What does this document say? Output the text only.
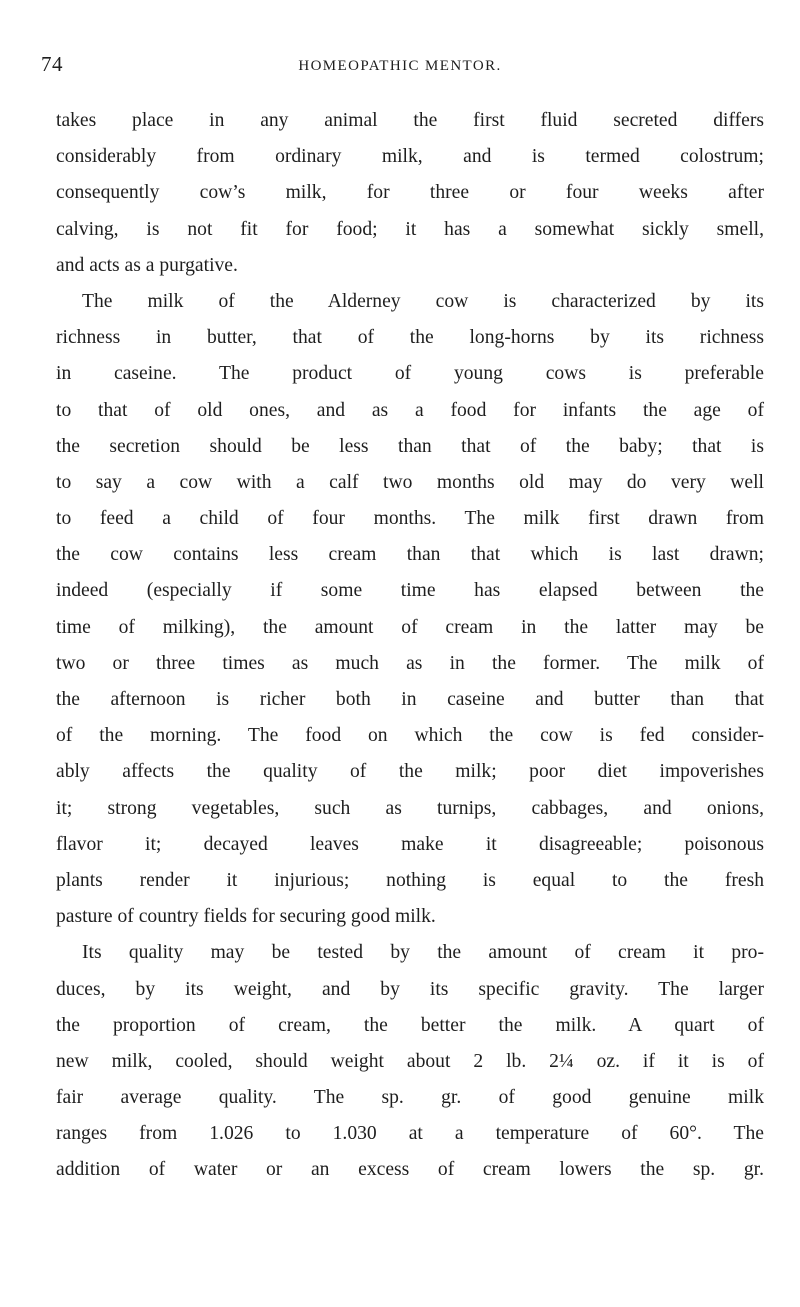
74	HOMEOPATHIC MENTOR.
takes place in any animal the first fluid secreted differs
considerably from ordinary milk, and is termed colostrum;
consequently cow’s milk, for three or four weeks after
calving, is not fit for food; it has a somewhat sickly smell,
and acts as a purgative.
The milk of the Alderney cow is characterized by its
richness in butter, that of the long-horns by its richness
in caseine. The product of young cows is preferable
to that of old ones, and as a food for infants the age of
the secretion should be less than that of the baby; that is
to say a cow with a calf two months old may do very well
to feed a child of four months. The milk first drawn from
the cow contains less cream than that which is last drawn;
indeed (especially if some time has elapsed between the
time of milking), the amount of cream in the latter may be
two or three times as much as in the former. The milk of
the afternoon is richer both in caseine and butter than that
of the morning. The food on which the cow is fed consider-
ably affects the quality of the milk; poor diet impoverishes
it; strong vegetables, such as turnips, cabbages, and onions,
flavor it; decayed leaves make it disagreeable; poisonous
plants render it injurious; nothing is equal to the fresh
pasture of country fields for securing good milk.
Its quality may be tested by the amount of cream it pro-
duces, by its weight, and by its specific gravity. The larger
the proportion of cream, the better the milk. A quart of
new milk, cooled, should weight about 2 lb. 2¼ oz. if it is of
fair average quality. The sp. gr. of good genuine milk
ranges from 1.026 to 1.030 at a temperature of 60°. The
addition of water or an excess of cream lowers the sp. gr.
